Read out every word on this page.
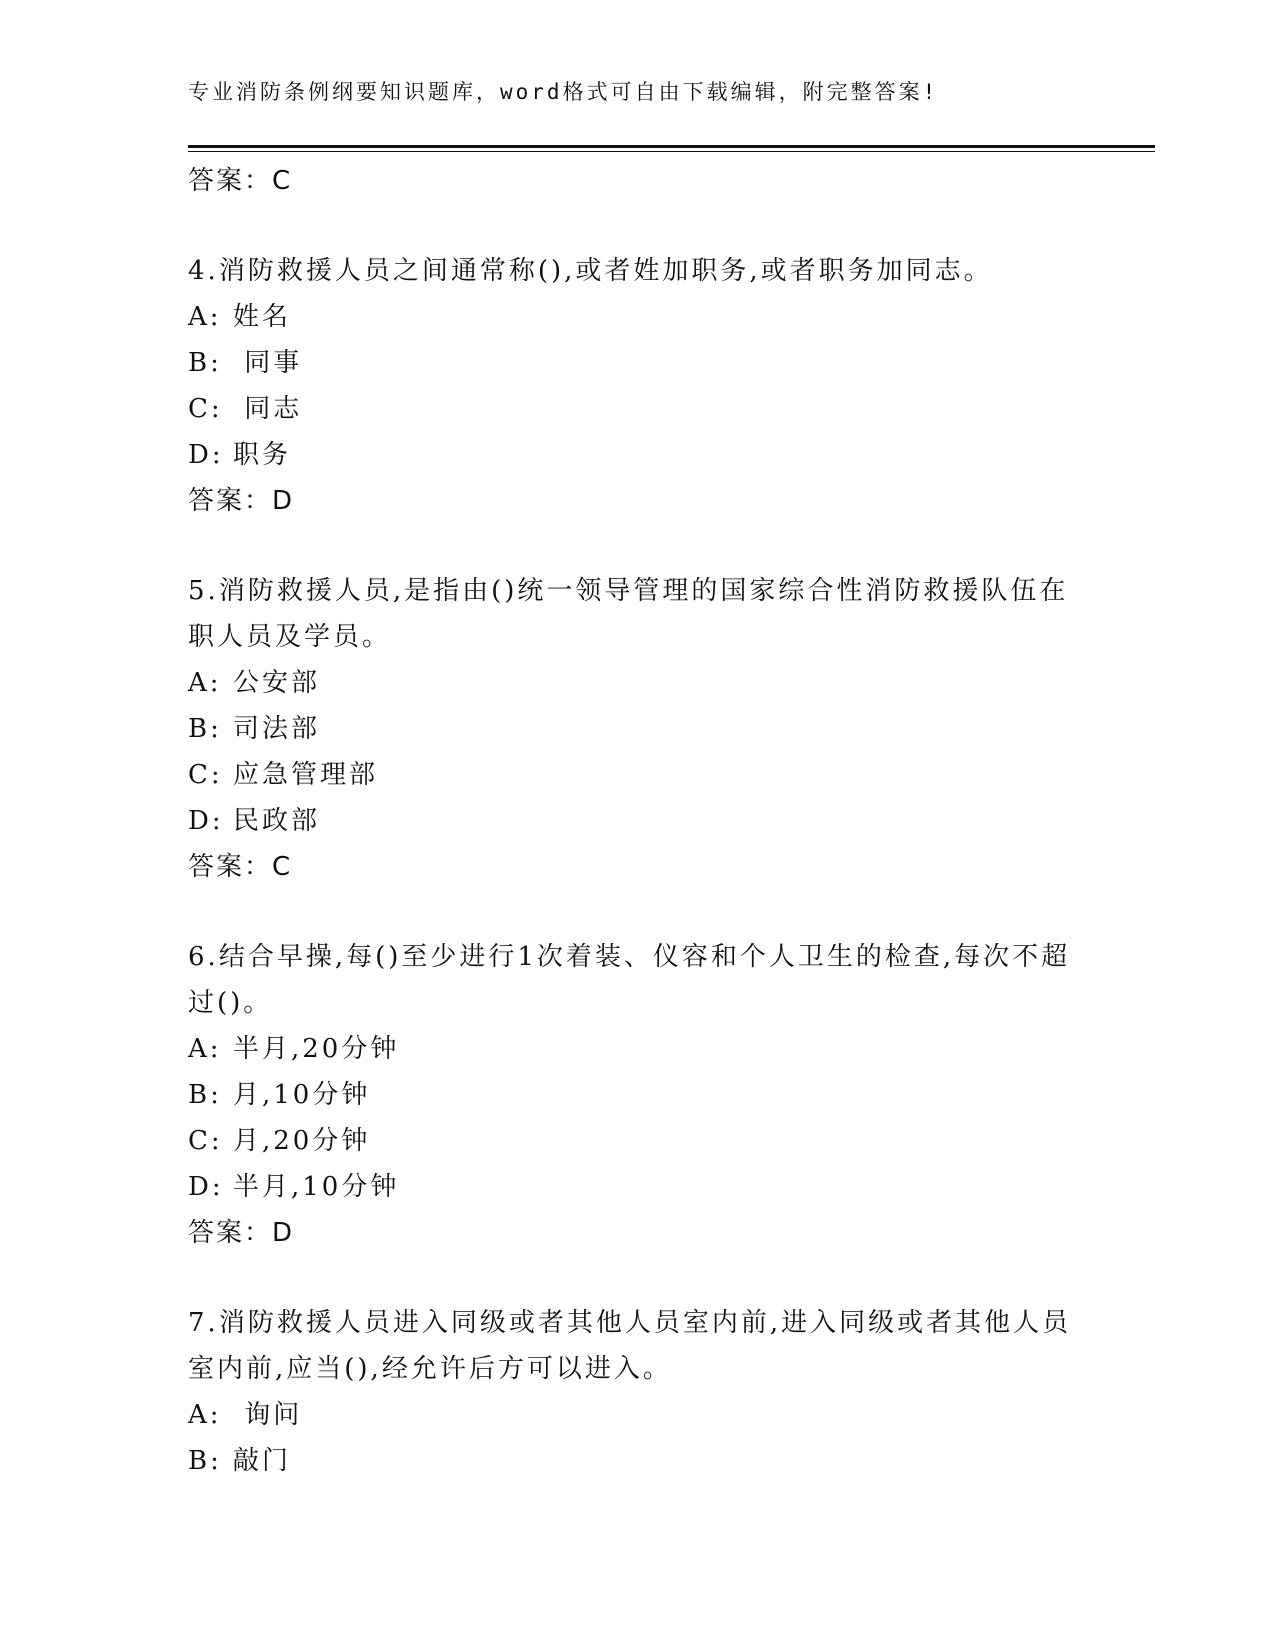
专业消防条例纲要知识题库，word格式可自由下载编辑，附完整答案!
答案：C
4.消防救援人员之间通常称(),或者姓加职务,或者职务加同志。
A: 姓名
B: 同事
C: 同志
D: 职务
答案：D
5.消防救援人员,是指由()统一领导管理的国家综合性消防救援队伍在职人员及学员。
A: 公安部
B: 司法部
C: 应急管理部
D: 民政部
答案：C
6.结合早操,每()至少进行1次着装、仪容和个人卫生的检查,每次不超过()。
A: 半月,20分钟
B: 月,10分钟
C: 月,20分钟
D: 半月,10分钟
答案：D
7.消防救援人员进入同级或者其他人员室内前,进入同级或者其他人员室内前,应当(),经允许后方可以进入。
A: 询问
B: 敲门
